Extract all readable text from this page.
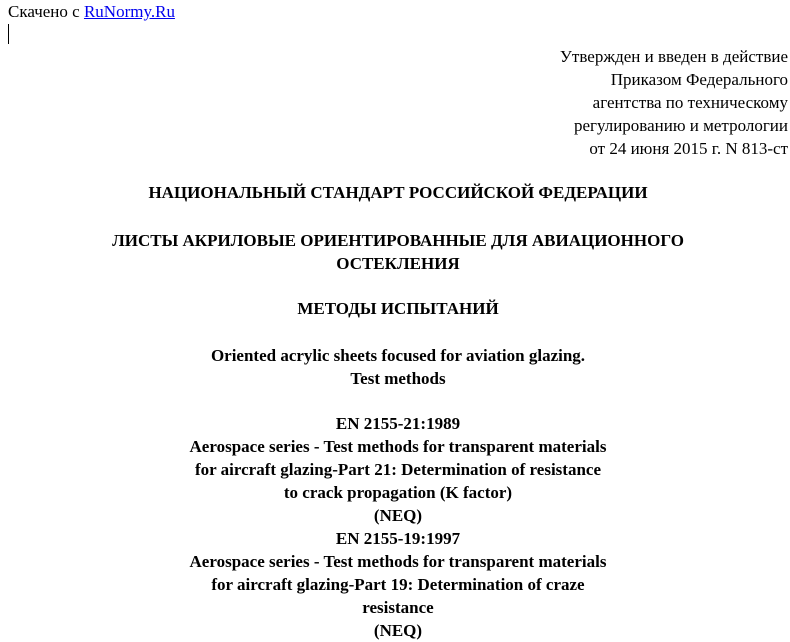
Скачено с RuNormy.Ru
Утвержден и введен в действие
Приказом Федерального
агентства по техническому
регулированию и метрологии
от 24 июня 2015 г. N 813-ст
НАЦИОНАЛЬНЫЙ СТАНДАРТ РОССИЙСКОЙ ФЕДЕРАЦИИ
ЛИСТЫ АКРИЛОВЫЕ ОРИЕНТИРОВАННЫЕ ДЛЯ АВИАЦИОННОГО
ОСТЕКЛЕНИЯ
МЕТОДЫ ИСПЫТАНИЙ
Oriented acrylic sheets focused for aviation glazing.
Test methods
EN 2155-21:1989
Aerospace series - Test methods for transparent materials
for aircraft glazing-Part 21: Determination of resistance
to crack propagation (K factor)
(NEQ)
EN 2155-19:1997
Aerospace series - Test methods for transparent materials
for aircraft glazing-Part 19: Determination of craze
resistance
(NEQ)
